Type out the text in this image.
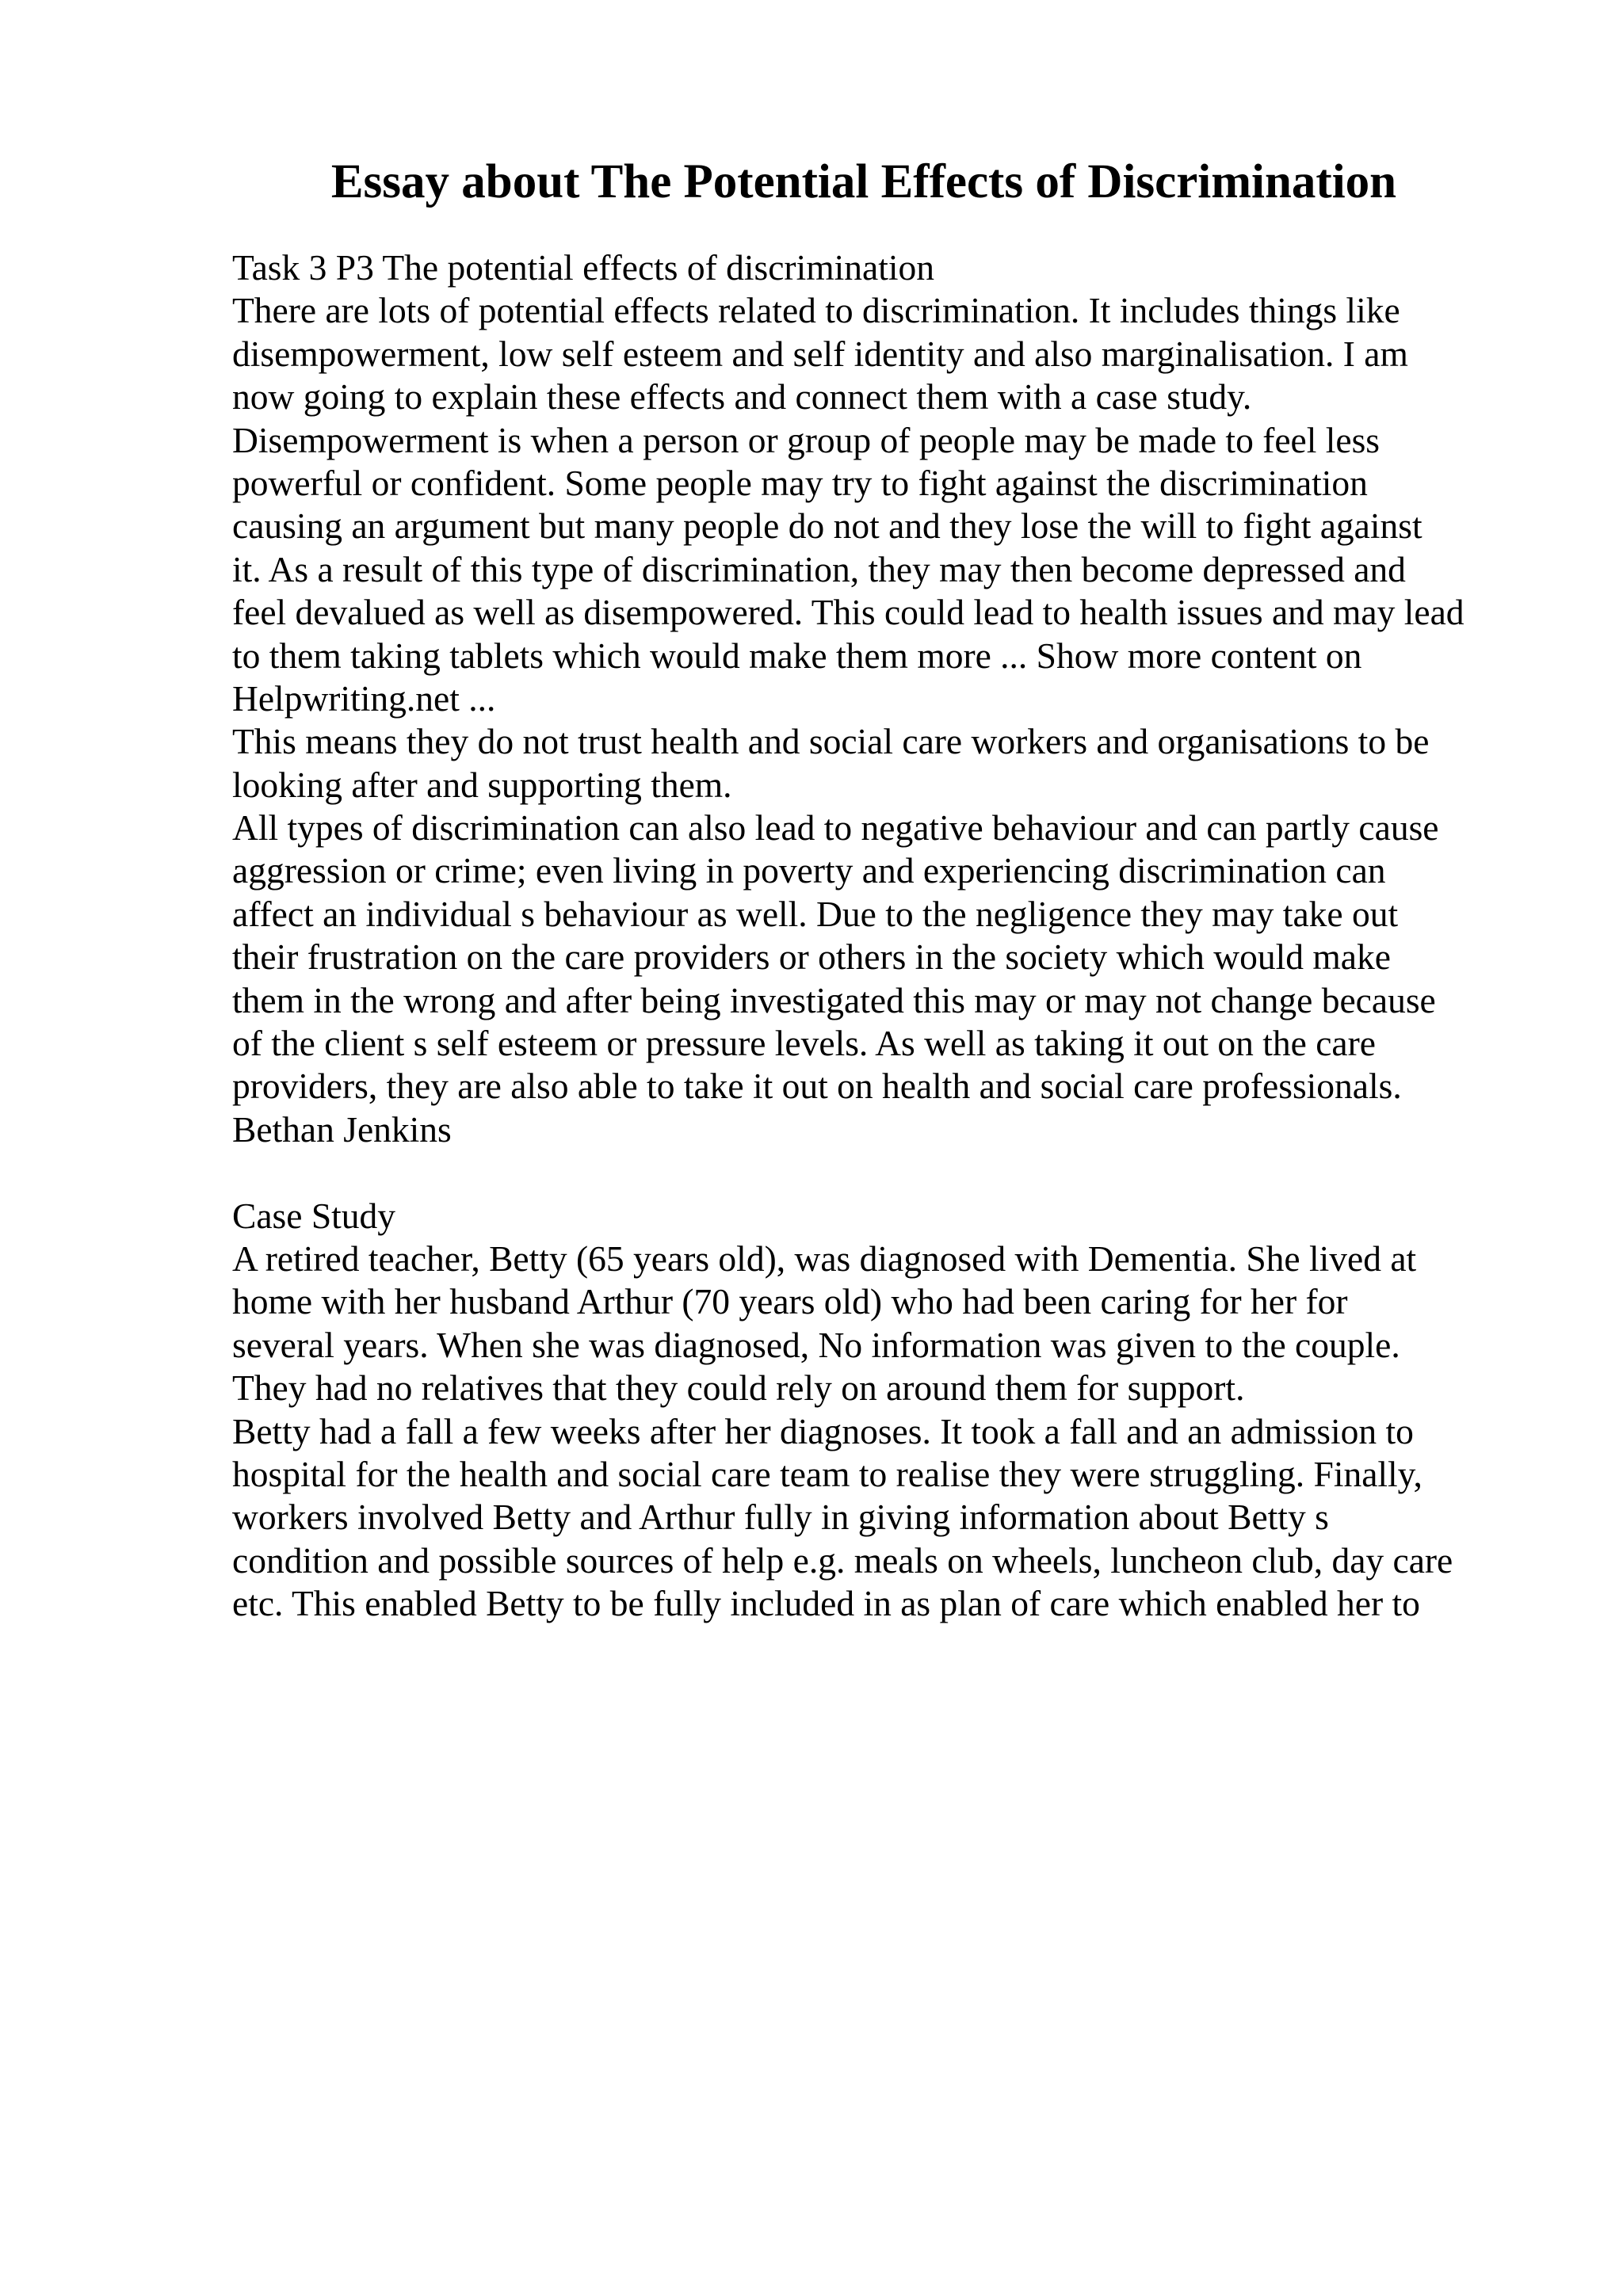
Essay about The Potential Effects of Discrimination
Task 3 P3 The potential effects of discrimination
There are lots of potential effects related to discrimination. It includes things like
disempowerment, low self esteem and self identity and also marginalisation. I am
now going to explain these effects and connect them with a case study.
Disempowerment is when a person or group of people may be made to feel less
powerful or confident. Some people may try to fight against the discrimination
causing an argument but many people do not and they lose the will to fight against
it. As a result of this type of discrimination, they may then become depressed and
feel devalued as well as disempowered. This could lead to health issues and may lead
to them taking tablets which would make them more ... Show more content on
Helpwriting.net ...
This means they do not trust health and social care workers and organisations to be
looking after and supporting them.
All types of discrimination can also lead to negative behaviour and can partly cause
aggression or crime; even living in poverty and experiencing discrimination can
affect an individual s behaviour as well. Due to the negligence they may take out
their frustration on the care providers or others in the society which would make
them in the wrong and after being investigated this may or may not change because
of the client s self esteem or pressure levels. As well as taking it out on the care
providers, they are also able to take it out on health and social care professionals.
Bethan Jenkins
Case Study
A retired teacher, Betty (65 years old), was diagnosed with Dementia. She lived at
home with her husband Arthur (70 years old) who had been caring for her for
several years. When she was diagnosed, No information was given to the couple.
They had no relatives that they could rely on around them for support.
Betty had a fall a few weeks after her diagnoses. It took a fall and an admission to
hospital for the health and social care team to realise they were struggling. Finally,
workers involved Betty and Arthur fully in giving information about Betty s
condition and possible sources of help e.g. meals on wheels, luncheon club, day care
etc. This enabled Betty to be fully included in as plan of care which enabled her to
